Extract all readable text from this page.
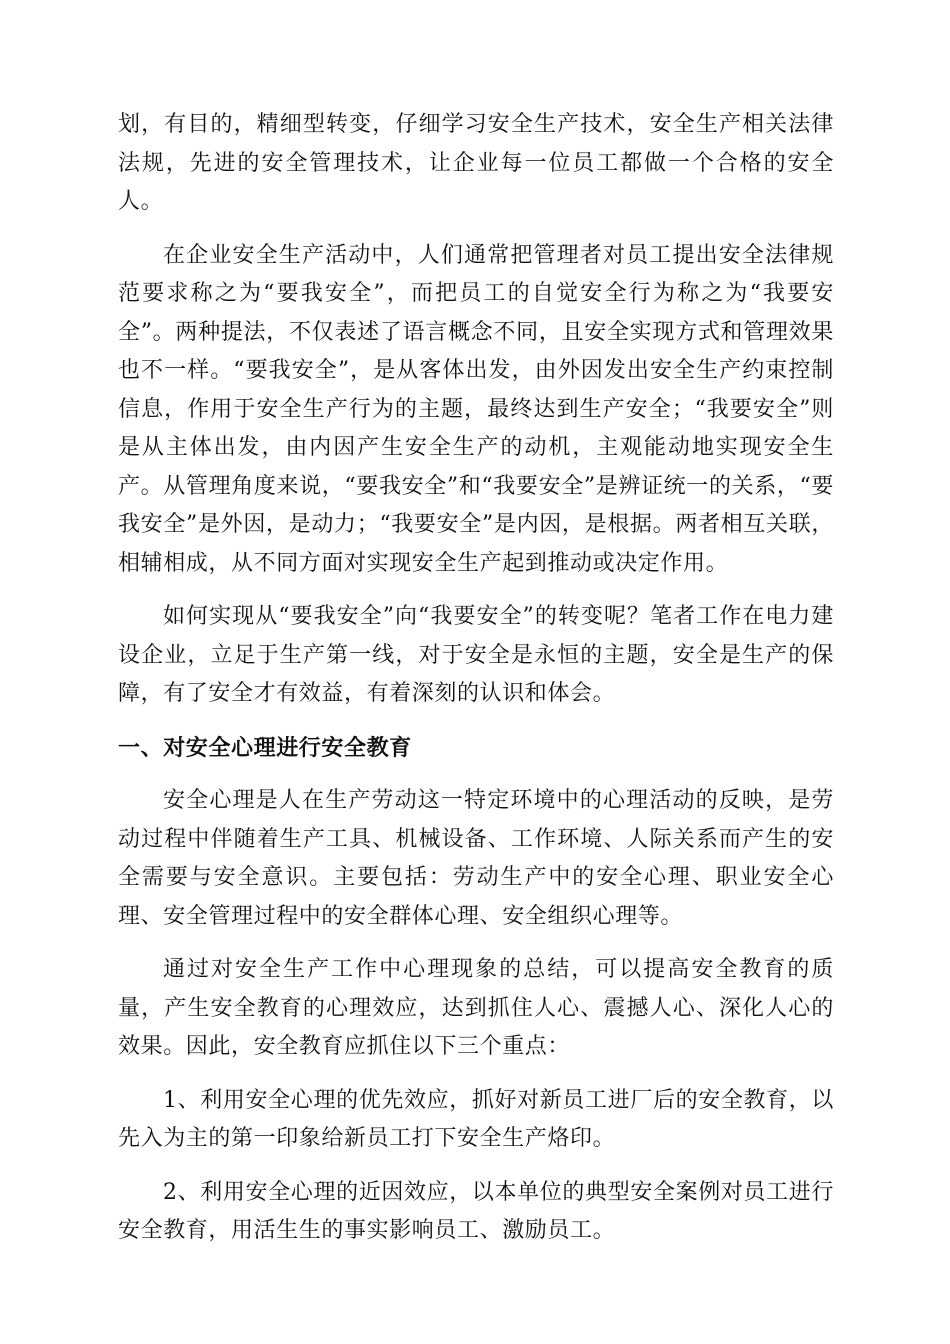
划，有目的，精细型转变，仔细学习安全生产技术，安全生产相关法律法规，先进的安全管理技术，让企业每一位员工都做一个合格的安全人。

在企业安全生产活动中，人们通常把管理者对员工提出安全法律规范要求称之为“要我安全”，而把员工的自觉安全行为称之为“我要安全”。两种提法，不仅表述了语言概念不同，且安全实现方式和管理效果也不一样。“要我安全”，是从客体出发，由外因发出安全生产约束控制信息，作用于安全生产行为的主题，最终达到生产安全；“我要安全”则是从主体出发，由内因产生安全生产的动机，主观能动地实现安全生产。从管理角度来说，“要我安全”和“我要安全”是辨证统一的关系，“要我安全”是外因，是动力；“我要安全”是内因，是根据。两者相互关联，相辅相成，从不同方面对实现安全生产起到推动或决定作用。

如何实现从“要我安全”向“我要安全”的转变呢？笔者工作在电力建设企业，立足于生产第一线，对于安全是永恒的主题，安全是生产的保障，有了安全才有效益，有着深刻的认识和体会。

一、对安全心理进行安全教育

安全心理是人在生产劳动这一特定环境中的心理活动的反映，是劳动过程中伴随着生产工具、机械设备、工作环境、人际关系而产生的安全需要与安全意识。主要包括：劳动生产中的安全心理、职业安全心理、安全管理过程中的安全群体心理、安全组织心理等。

通过对安全生产工作中心理现象的总结，可以提高安全教育的质量，产生安全教育的心理效应，达到抓住人心、震撼人心、深化人心的效果。因此，安全教育应抓住以下三个重点：

1、利用安全心理的优先效应，抓好对新员工进厂后的安全教育，以先入为主的第一印象给新员工打下安全生产烙印。

2、利用安全心理的近因效应，以本单位的典型安全案例对员工进行安全教育，用活生生的事实影响员工、激励员工。
